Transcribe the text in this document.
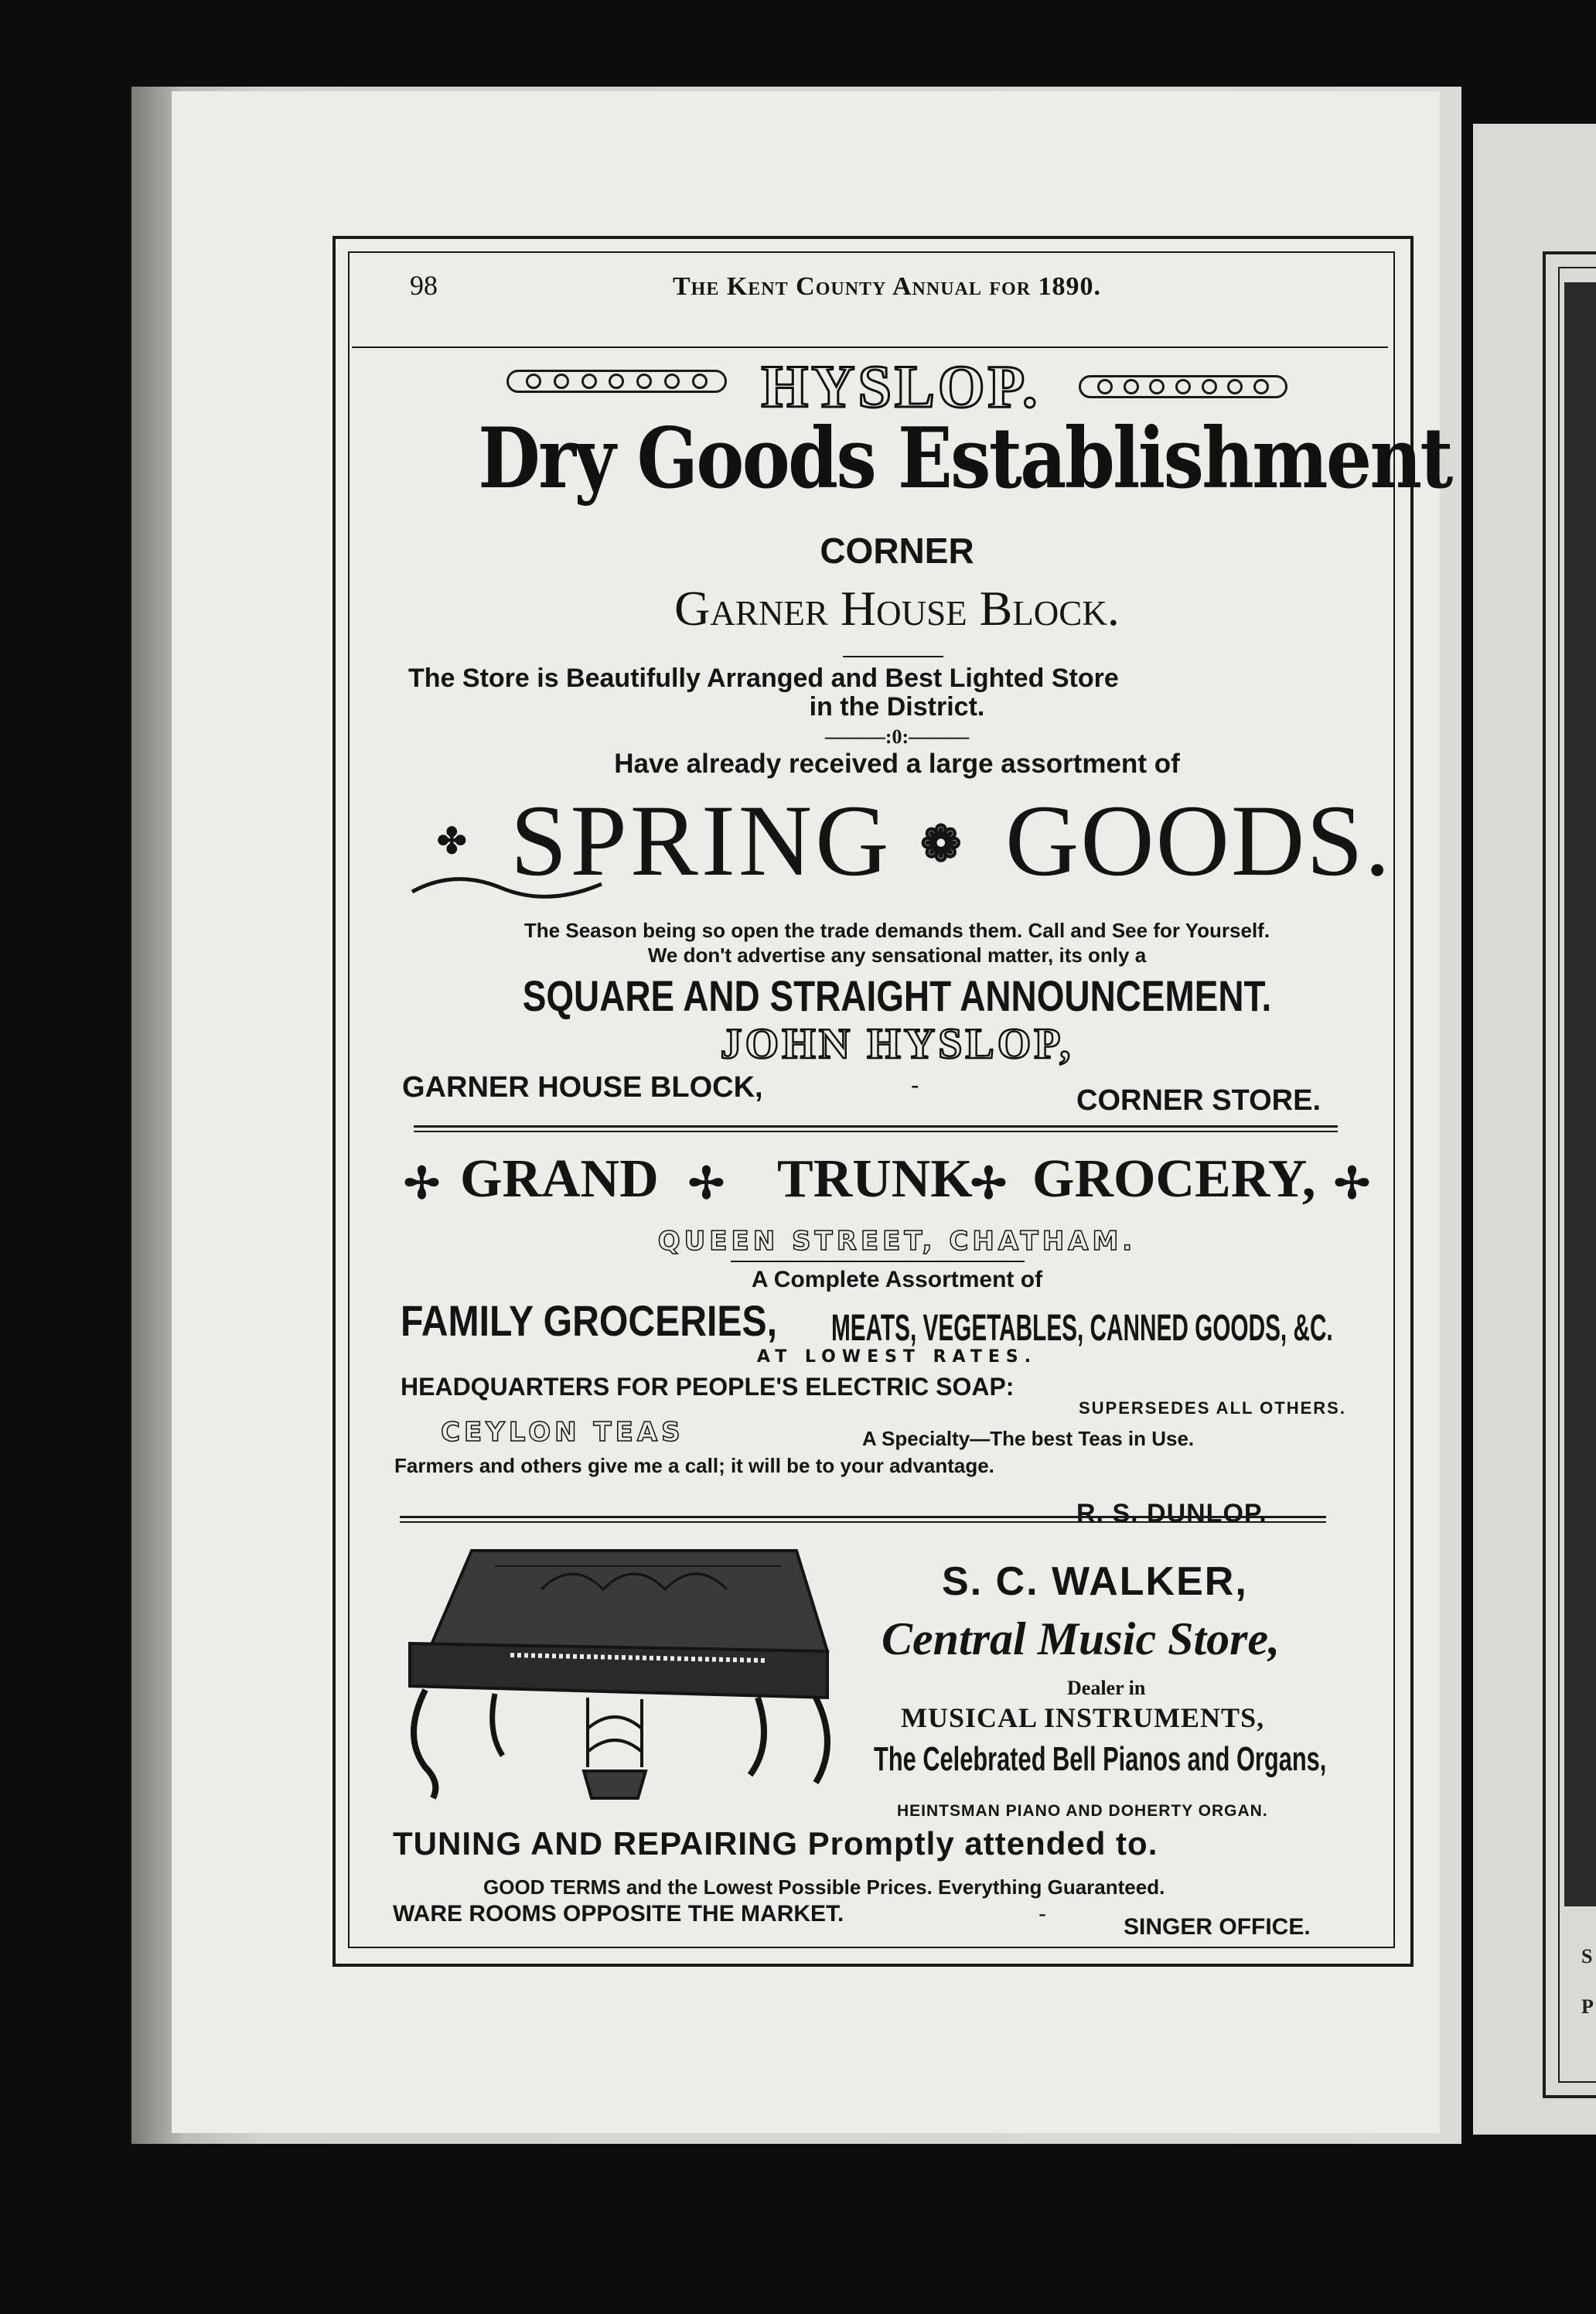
S
P
98	The Kent County Annual for 1890.
HYSLOP.
Dry Goods Establishment
CORNER
Garner House Block.
The Store is Beautifully Arranged and Best Lighted Store
in the District.
———:0:———
Have already received a large assortment of
✤ SPRING ❁ GOODS.
The Season being so open the trade demands them. Call and See for Yourself.
We don't advertise any sensational matter, its only a
SQUARE AND STRAIGHT ANNOUNCEMENT.
JOHN HYSLOP,
GARNER HOUSE BLOCK,	-	CORNER STORE.
✢ GRAND ✢ TRUNK
✢ GROCERY, ✢
QUEEN STREET, CHATHAM.
A Complete Assortment of
FAMILY GROCERIES, MEATS, VEGETABLES, CANNED GOODS, &C.
AT LOWEST RATES.
HEADQUARTERS FOR PEOPLE'S ELECTRIC SOAP:
SUPERSEDES ALL OTHERS.
CEYLON TEAS	A Specialty—The best Teas in Use.
Farmers and others give me a call; it will be to your advantage.
R. S. DUNLOP.
S. C. WALKER,
Central Music Store,
Dealer in
MUSICAL INSTRUMENTS,
The Celebrated Bell Pianos and Organs,
HEINTSMAN PIANO AND DOHERTY ORGAN.
TUNING AND REPAIRING Promptly attended to.
GOOD TERMS and the Lowest Possible Prices. Everything Guaranteed.
WARE ROOMS OPPOSITE THE MARKET.	-
SINGER OFFICE.
